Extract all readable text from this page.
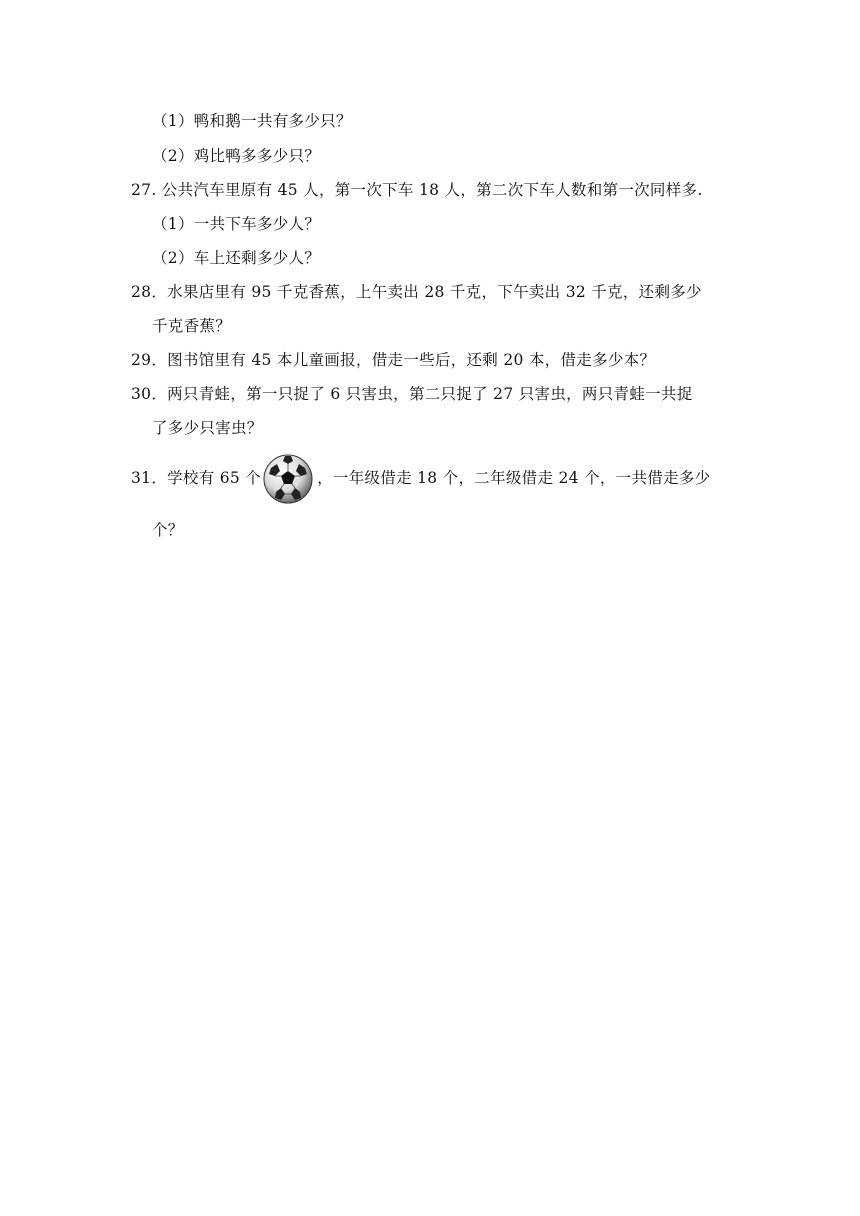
（1）鸭和鹅一共有多少只？
（2）鸡比鸭多多少只？
27. 公共汽车里原有 45 人，第一次下车 18 人，第二次下车人数和第一次同样多.
（1）一共下车多少人？
（2）车上还剩多少人？
28．水果店里有 95 千克香蕉，上午卖出 28 千克，下午卖出 32 千克，还剩多少
千克香蕉？
29．图书馆里有 45 本儿童画报，借走一些后，还剩 20 本，借走多少本？
30．两只青蛙，第一只捉了 6 只害虫，第二只捉了 27 只害虫，两只青蛙一共捉
了多少只害虫？
31．学校有 65 个	，一年级借走 18 个，二年级借走 24 个，一共借走多少
个？
